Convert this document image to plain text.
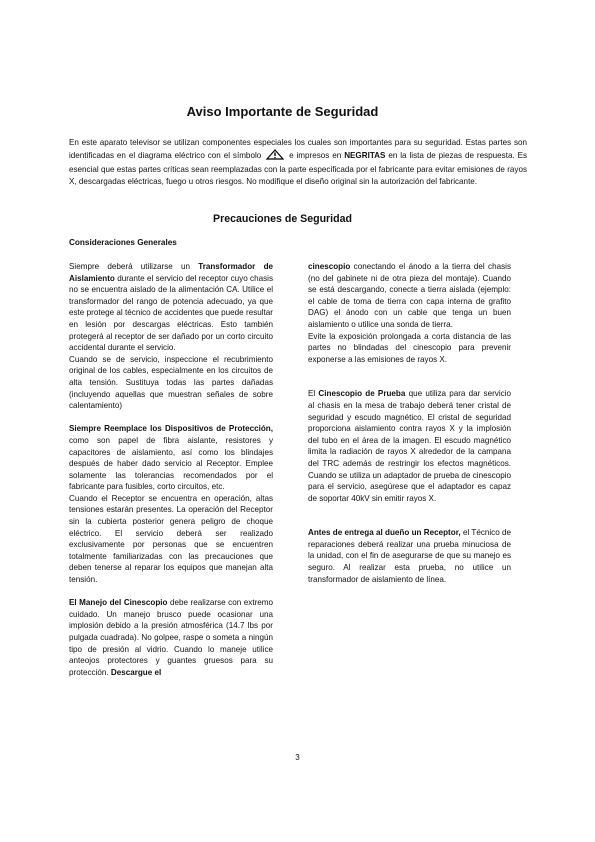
Aviso Importante de Seguridad
En este aparato televisor se utilizan componentes especiales los cuales son importantes para su seguridad. Estas partes son identificadas en el diagrama eléctrico con el símbolo	e impresos en NEGRITAS en la lista de piezas de respuesta. Es esencial que estas partes críticas sean reemplazadas con la parte especificada por el fabricante para evitar emisiones de rayos X, descargadas eléctricas, fuego u otros riesgos. No modifique el diseño original sin la autorización del fabricante.
Precauciones de Seguridad
Consideraciones Generales

Siempre deberá utilizarse un Transformador de Aislamiento durante el servicio del receptor cuyo chasis no se encuentra aislado de la alimentación CA. Utilice el transformador del rango de potencia adecuado, ya que este protege al técnico de accidentes que puede resultar en lesión por descargas eléctricas. Esto también protegerá al receptor de ser dañado por un corto circuito accidental durante el servicio.
Cuando se de servicio, inspeccione el recubrimiento original de los cables, especialmente en los circuitos de alta tensión. Sustituya todas las partes dañadas (incluyendo aquellas que muestran señales de sobre calentamiento)

Siempre Reemplace los Dispositivos de Protección, como son papel de fibra aislante, resistores y capacitores de aislamiento, así como los blindajes después de haber dado servicio al Receptor. Emplee solamente las tolerancias recomendados por el fabricante para fusibles, corto circuitos, etc.
Cuando el Receptor se encuentra en operación, altas tensiones estarán presentes. La operación del Receptor sin la cubierta posterior genera peligro de choque eléctrico. El servicio deberá ser realizado exclusivamente por personas que se encuentren totalmente familiarizadas con las precauciones que deben tenerse al reparar los equipos que manejan alta tensión.

El Manejo del Cinescopio debe realizarse con extremo cuidado. Un manejo brusco puede ocasionar una implosión debido a la presión atmosférica (14.7 lbs por pulgada cuadrada). No golpee, raspe o someta a ningún tipo de presión al vidrio. Cuando lo maneje utilice anteojos protectores y guantes gruesos para su protección. Descargue el

cinescopio conectando el ánodo a la tierra del chasis (no del gabinete ni de otra pieza del montaje). Cuando se está descargando, conecte a tierra aislada (ejemplo: el cable de toma de tierra con capa interna de grafito DAG) el ánodo con un cable que tenga un buen aislamiento o utilice una sonda de tierra.
Evite la exposición prolongada a corta distancia de las partes no blindadas del cinescopio para prevenir exponerse a las emisiones de rayos X.

El Cinescopio de Prueba que utiliza para dar servicio al chasis en la mesa de trabajo deberá tener cristal de seguridad y escudo magnético. El cristal de seguridad proporciona aislamiento contra rayos X y la implosión del tubo en el área de la imagen. El escudo magnético limita la radiación de rayos X alrededor de la campana del TRC además de restringir los efectos magnéticos. Cuando se utiliza un adaptador de prueba de cinescopio para el servicio, asegúrese que el adaptador es capaz de soportar 40kV sin emitir rayos X.

Antes de entrega al dueño un Receptor, el Técnico de reparaciones deberá realizar una prueba minuciosa de la unidad, con el fin de asegurarse de que su manejo es seguro. Al realizar esta prueba, no utilice un transformador de aislamiento de línea.

3
